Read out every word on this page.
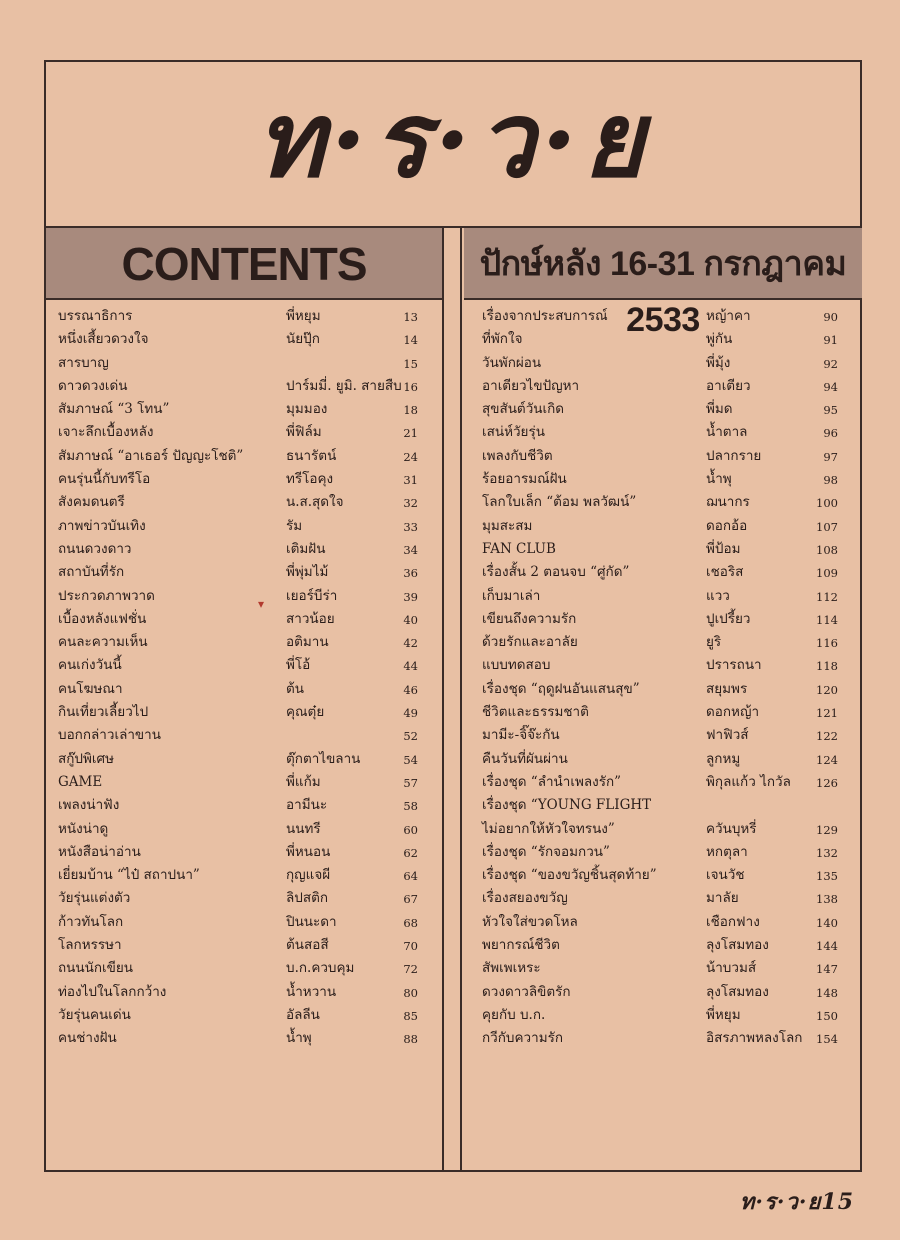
ท·ร·ว·ย
CONTENTS	ปักษ์หลัง 16-31 กรกฎาคม 2533
▾
บรรณาธิการ	พี่หยุม	13
หนึ่งเสี้ยวดวงใจ	นัยปุ๊ก	14
สารบาญ	15
ดาวดวงเด่น	ปาร์มมี่. ยูมิ. สายสืบ 16
สัมภาษณ์ “3 โทน”	มุมมอง	18
เจาะลึกเบื้องหลัง	พี่ฟิล์ม	21
สัมภาษณ์ “อาเธอร์ ปัญญะโชติ”	ธนารัตน์	24
คนรุ่นนี้กับทรีโอ	ทรีโอคุง	31
สังคมดนตรี	น.ส.สุดใจ	32
ภาพข่าวบันเทิง	รัม	33
ถนนดวงดาว	เติมฝัน	34
สถาบันที่รัก	พี่พุ่มไม้	36
ประกวดภาพวาด	เยอร์บีร่า	39
เบื้องหลังแฟชั่น	สาวน้อย	40
คนละความเห็น	อติมาน	42
คนเก่งวันนี้	พี่โอ้	44
คนโฆษณา	ต้น	46
กินเที่ยวเลี้ยวไป	คุณตุ๋ย	49
บอกกล่าวเล่าขาน	52
สกู๊ปพิเศษ	ตุ๊กตาไขลาน	54
GAME	พี่แก้ม	57
เพลงน่าฟัง	อามีนะ	58
หนังน่าดู	นนทรี	60
หนังสือน่าอ่าน	พี่หนอน	62
เยี่ยมบ้าน “ไป๋ สถาปนา”	กุญแจผี	64
วัยรุ่นแต่งตัว	ลิปสติก	67
ก้าวทันโลก	ปินนะดา	68
โลกหรรษา	ต้นสอสี	70
ถนนนักเขียน	บ.ก.ควบคุม	72
ท่องไปในโลกกว้าง	น้ำหวาน	80
วัยรุ่นคนเด่น	อัลลีน	85
คนช่างฝัน	น้ำพุ	88
เรื่องจากประสบการณ์	หญ้าคา	90
ที่พักใจ	พู่กัน	91
วันพักผ่อน	พี่มุ้ง	92
อาเตียวไขปัญหา	อาเตียว	94
สุขสันต์วันเกิด	พี่มด	95
เสน่ห์วัยรุ่น	น้ำตาล	96
เพลงกับชีวิต	ปลากราย	97
ร้อยอารมณ์ฝัน	น้ำพุ	98
โลกใบเล็ก “ต้อม พลวัฒน์”	ฌนากร	100
มุมสะสม	ดอกอ้อ	107
FAN CLUB	พี่ป้อม	108
เรื่องสั้น 2 ตอนจบ “ศู่กัด”	เชอริส	109
เก็บมาเล่า	แวว	112
เขียนถึงความรัก	ปูเปรี้ยว	114
ด้วยรักและอาลัย	ยูริ	116
แบบทดสอบ	ปรารถนา	118
เรื่องชุด “ฤดูฝนอันแสนสุข”	สยุมพร	120
ชีวิตและธรรมชาติ	ดอกหญ้า	121
มามีะ-จิ๊จ๊ะกัน	ฟาฟิวส์	122
คืนวันที่ผันผ่าน	ลูกหมู	124
เรื่องชุด “ลำนำเพลงรัก”	พิกุลแก้ว ไกวัล	126
เรื่องชุด “YOUNG FLIGHT
ไม่อยากให้หัวใจทรนง”	ควันบุหรี่	129
เรื่องชุด “รักจอมกวน”	หกตุลา	132
เรื่องชุด “ของขวัญชิ้นสุดท้าย”	เจนวัช	135
เรื่องสยองขวัญ	มาลัย	138
หัวใจใส่ขวดโหล	เชือกฟาง	140
พยากรณ์ชีวิต	ลุงโสมทอง	144
สัพเพเหระ	น้าบวมส์	147
ดวงดาวลิขิตรัก	ลุงโสมทอง	148
คุยกับ บ.ก.	พี่หยุม	150
กวีกับความรัก	อิสรภาพหลงโลก	154
ท·ร·ว·ย15
